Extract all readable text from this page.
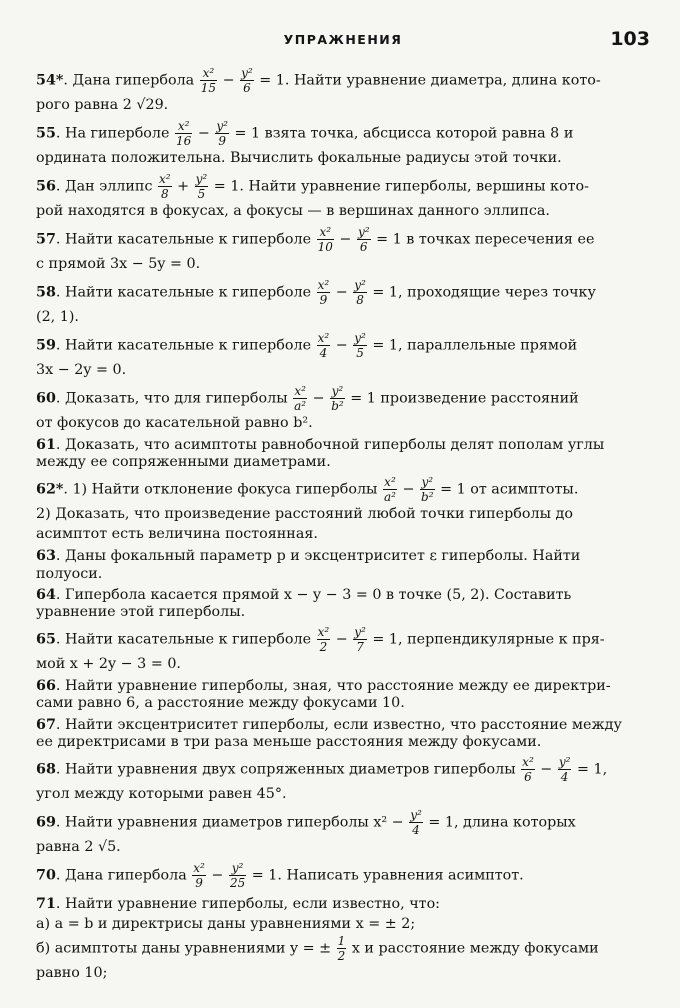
УПРАЖНЕНИЯ	103
54*. Дана гипербола $\frac{\text{x²}}{15} - \frac{\text{y²}}{6} = 1$. Найти уравнение диаметра, длина кото-
рого равна 2 √29.
55. На гиперболе $\frac{\text{x²}}{16} - \frac{\text{y²}}{9} = 1$ взята точка, абсцисса которой равна 8 и
ордината положительна. Вычислить фокальные радиусы этой точки.
56. Дан эллипс $\frac{\text{x²}}{8} + \frac{\text{y²}}{5} = 1$. Найти уравнение гиперболы, вершины кото-
рой находятся в фокусах, а фокусы — в вершинах данного эллипса.
57. Найти касательные к гиперболе $\frac{\text{x²}}{10} - \frac{\text{y²}}{6} = 1$ в точках пересечения ее
с прямой 3x − 5y = 0.
58. Найти касательные к гиперболе $\frac{\text{x²}}{9} - \frac{\text{y²}}{8} = 1$, проходящие через точку
(2, 1).
59. Найти касательные к гиперболе $\frac{\text{x²}}{4} - \frac{\text{y²}}{5} = 1$, параллельные прямой
3x − 2y = 0.
60. Доказать, что для гиперболы $\frac{\text{x²}}{\text{a²}} - \frac{\text{y²}}{\text{b²}} = 1$ произведение расстояний
от фокусов до касательной равно b².
61. Доказать, что асимптоты равнобочной гиперболы делят пополам углы
между ее сопряженными диаметрами.
62*. 1) Найти отклонение фокуса гиперболы $\frac{\text{x²}}{\text{a²}} - \frac{\text{y²}}{\text{b²}} = 1$ от асимптоты.
2) Доказать, что произведение расстояний любой точки гиперболы до
асимптот есть величина постоянная.
63. Даны фокальный параметр p и эксцентриситет ε гиперболы. Найти
полуоси.
64. Гипербола касается прямой x − y − 3 = 0 в точке (5, 2). Составить
уравнение этой гиперболы.
65. Найти касательные к гиперболе $\frac{\text{x²}}{2} - \frac{\text{y²}}{7} = 1$, перпендикулярные к пря-
мой x + 2y − 3 = 0.
66. Найти уравнение гиперболы, зная, что расстояние между ее директри-
сами равно 6, а расстояние между фокусами 10.
67. Найти эксцентриситет гиперболы, если известно, что расстояние между
ее директрисами в три раза меньше расстояния между фокусами.
68. Найти уравнения двух сопряженных диаметров гиперболы $\frac{\text{x²}}{6} - \frac{\text{y²}}{4} = 1$,
угол между которыми равен 45°.
69. Найти уравнения диаметров гиперболы $x^2 - \frac{\text{y²}}{4} = 1$, длина которых
равна 2 √5.
70. Дана гипербола $\frac{\text{x²}}{9} - \frac{\text{y²}}{25} = 1$. Написать уравнения асимптот.
71. Найти уравнение гиперболы, если известно, что:
а) a = b и директрисы даны уравнениями x = ± 2;
б) асимптоты даны уравнениями y = ± $\frac{1}{2}$ x и расстояние между фокусами
равно 10;
